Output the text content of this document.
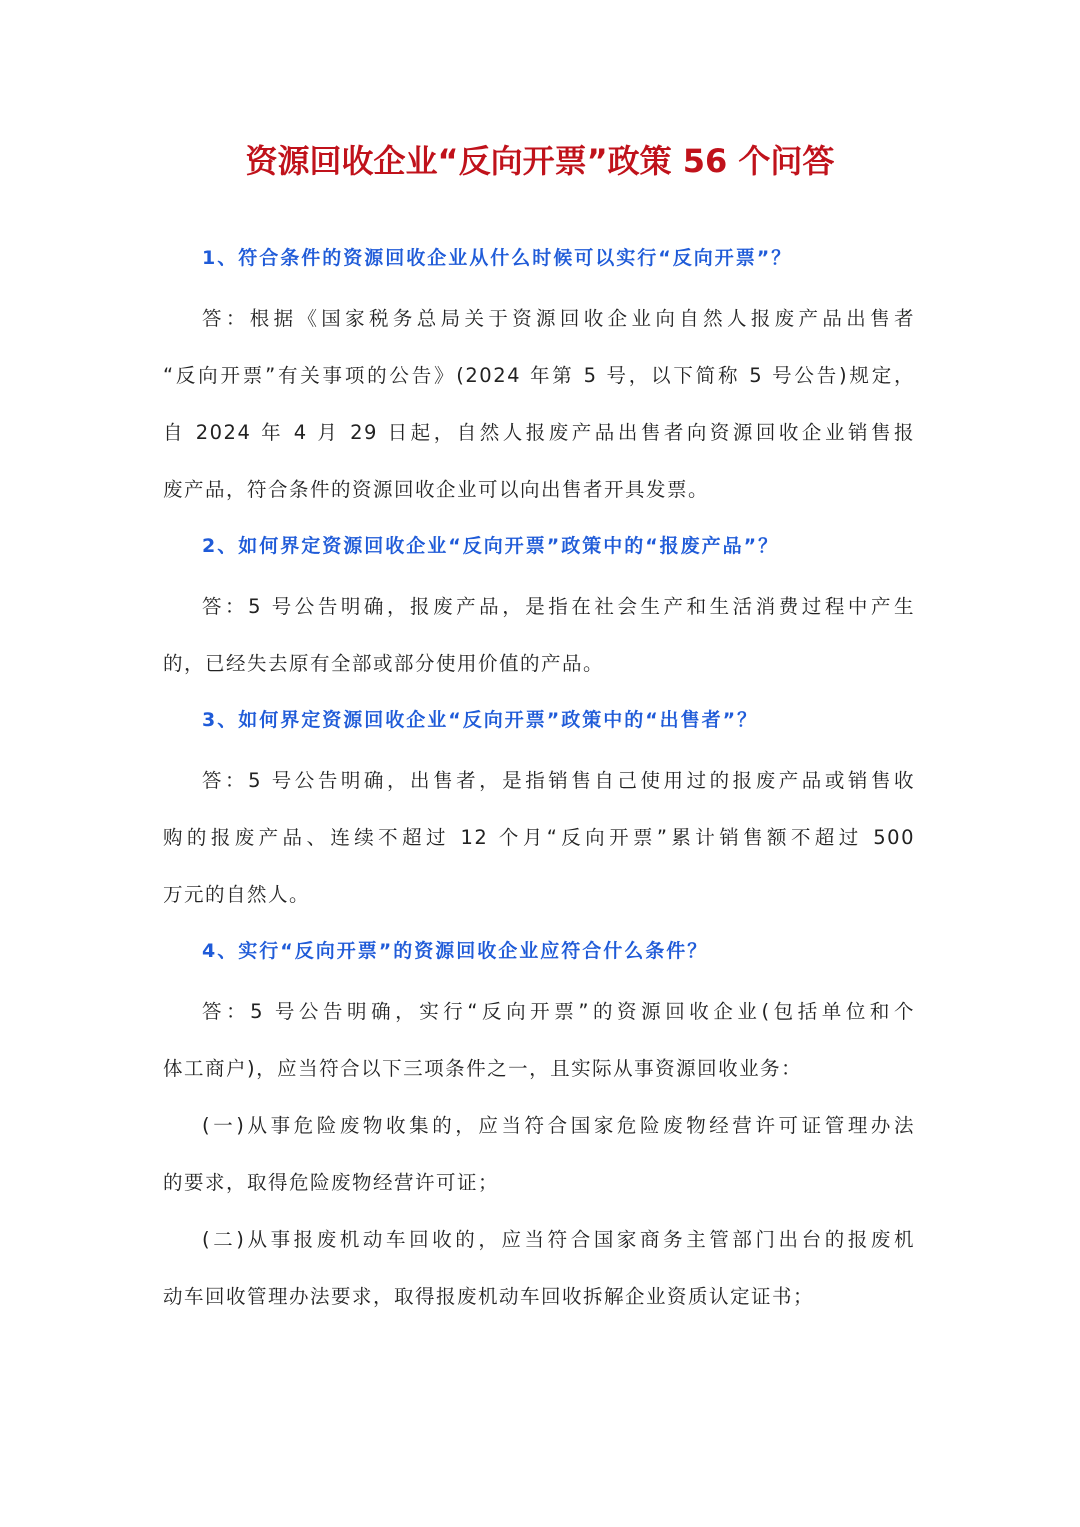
资源回收企业“反向开票”政策 56 个问答
1、符合条件的资源回收企业从什么时候可以实行“反向开票”？
答：根据《国家税务总局关于资源回收企业向自然人报废产品出售者
“反向开票”有关事项的公告》(2024 年第 5 号，以下简称 5 号公告)规定，
自 2024 年 4 月 29 日起，自然人报废产品出售者向资源回收企业销售报
废产品，符合条件的资源回收企业可以向出售者开具发票。
2、如何界定资源回收企业“反向开票”政策中的“报废产品”？
答：5 号公告明确，报废产品，是指在社会生产和生活消费过程中产生
的，已经失去原有全部或部分使用价值的产品。
3、如何界定资源回收企业“反向开票”政策中的“出售者”？
答：5 号公告明确，出售者，是指销售自己使用过的报废产品或销售收
购的报废产品、连续不超过 12 个月“反向开票”累计销售额不超过 500
万元的自然人。
4、实行“反向开票”的资源回收企业应符合什么条件？
答：5 号公告明确，实行“反向开票”的资源回收企业(包括单位和个
体工商户)，应当符合以下三项条件之一，且实际从事资源回收业务：
(一)从事危险废物收集的，应当符合国家危险废物经营许可证管理办法
的要求，取得危险废物经营许可证；
(二)从事报废机动车回收的，应当符合国家商务主管部门出台的报废机
动车回收管理办法要求，取得报废机动车回收拆解企业资质认定证书；
